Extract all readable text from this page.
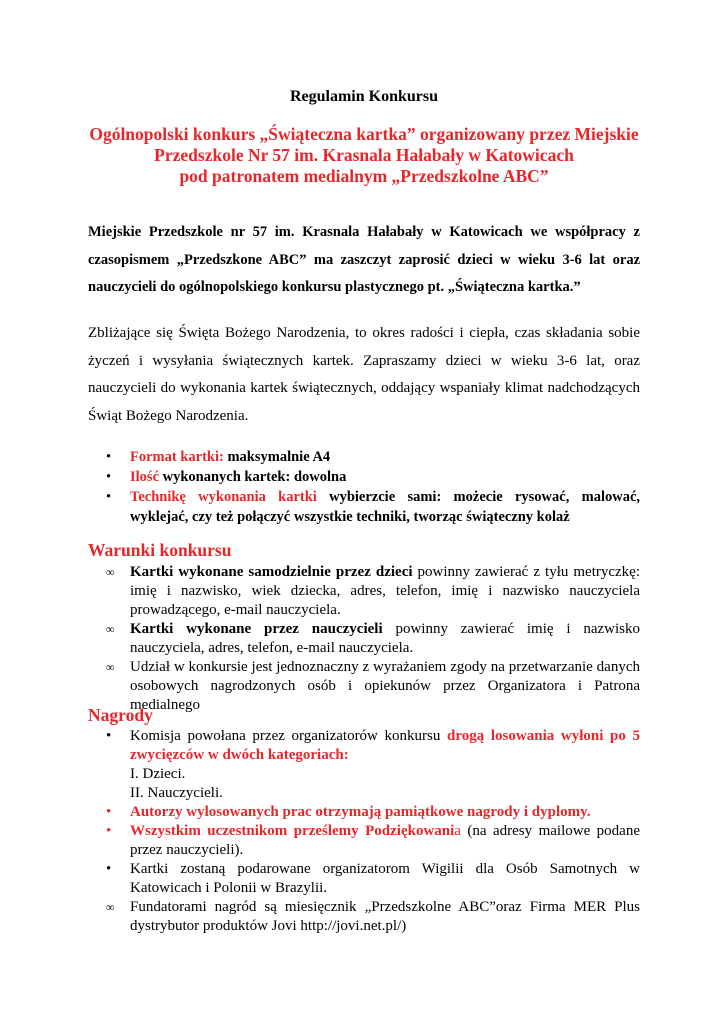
Regulamin Konkursu
Ogólnopolski konkurs „Świąteczna kartka” organizowany przez Miejskie
Przedszkole Nr 57 im. Krasnala Hałabały w Katowicach
pod patronatem medialnym „Przedszkolne ABC”
Miejskie Przedszkole nr 57 im. Krasnala Hałabały w Katowicach we współpracy z czasopismem „Przedszkone ABC” ma zaszczyt zaprosić dzieci w wieku 3-6 lat oraz nauczycieli do ogólnopolskiego konkursu plastycznego pt. „Świąteczna kartka.”
Zbliżające się Święta Bożego Narodzenia, to okres radości i ciepła, czas składania sobie życzeń i wysyłania świątecznych kartek. Zapraszamy dzieci w wieku 3-6 lat, oraz nauczycieli do wykonania kartek świątecznych, oddający wspaniały klimat nadchodzących Świąt Bożego Narodzenia.
• Format kartki: maksymalnie A4
• Ilość wykonanych kartek: dowolna
• Technikę wykonania kartki wybierzcie sami: możecie rysować, malować, wyklejać, czy też połączyć wszystkie techniki, tworząc świąteczny kolaż
Warunki konkursu
∞ Kartki wykonane samodzielnie przez dzieci powinny zawierać z tyłu metryczkę: imię i nazwisko, wiek dziecka, adres, telefon, imię i nazwisko nauczyciela prowadzącego, e-mail nauczyciela.
∞ Kartki wykonane przez nauczycieli powinny zawierać imię i nazwisko nauczyciela, adres, telefon, e-mail nauczyciela.
∞ Udział w konkursie jest jednoznaczny z wyrażaniem zgody na przetwarzanie danych osobowych nagrodzonych osób i opiekunów przez Organizatora i Patrona medialnego
Nagrody
• Komisja powołana przez organizatorów konkursu drogą losowania wyłoni po 5 zwycięzców w dwóch kategoriach:
I. Dzieci.
II. Nauczycieli.
• Autorzy wylosowanych prac otrzymają pamiątkowe nagrody i dyplomy.
• Wszystkim uczestnikom prześlemy Podziękowania (na adresy mailowe podane przez nauczycieli).
• Kartki zostaną podarowane organizatorom Wigilii dla Osób Samotnych w Katowicach i Polonii w Brazylii.
∞ Fundatorami nagród są miesięcznik „Przedszkolne ABC”oraz Firma MER Plus dystrybutor produktów Jovi http://jovi.net.pl/)
